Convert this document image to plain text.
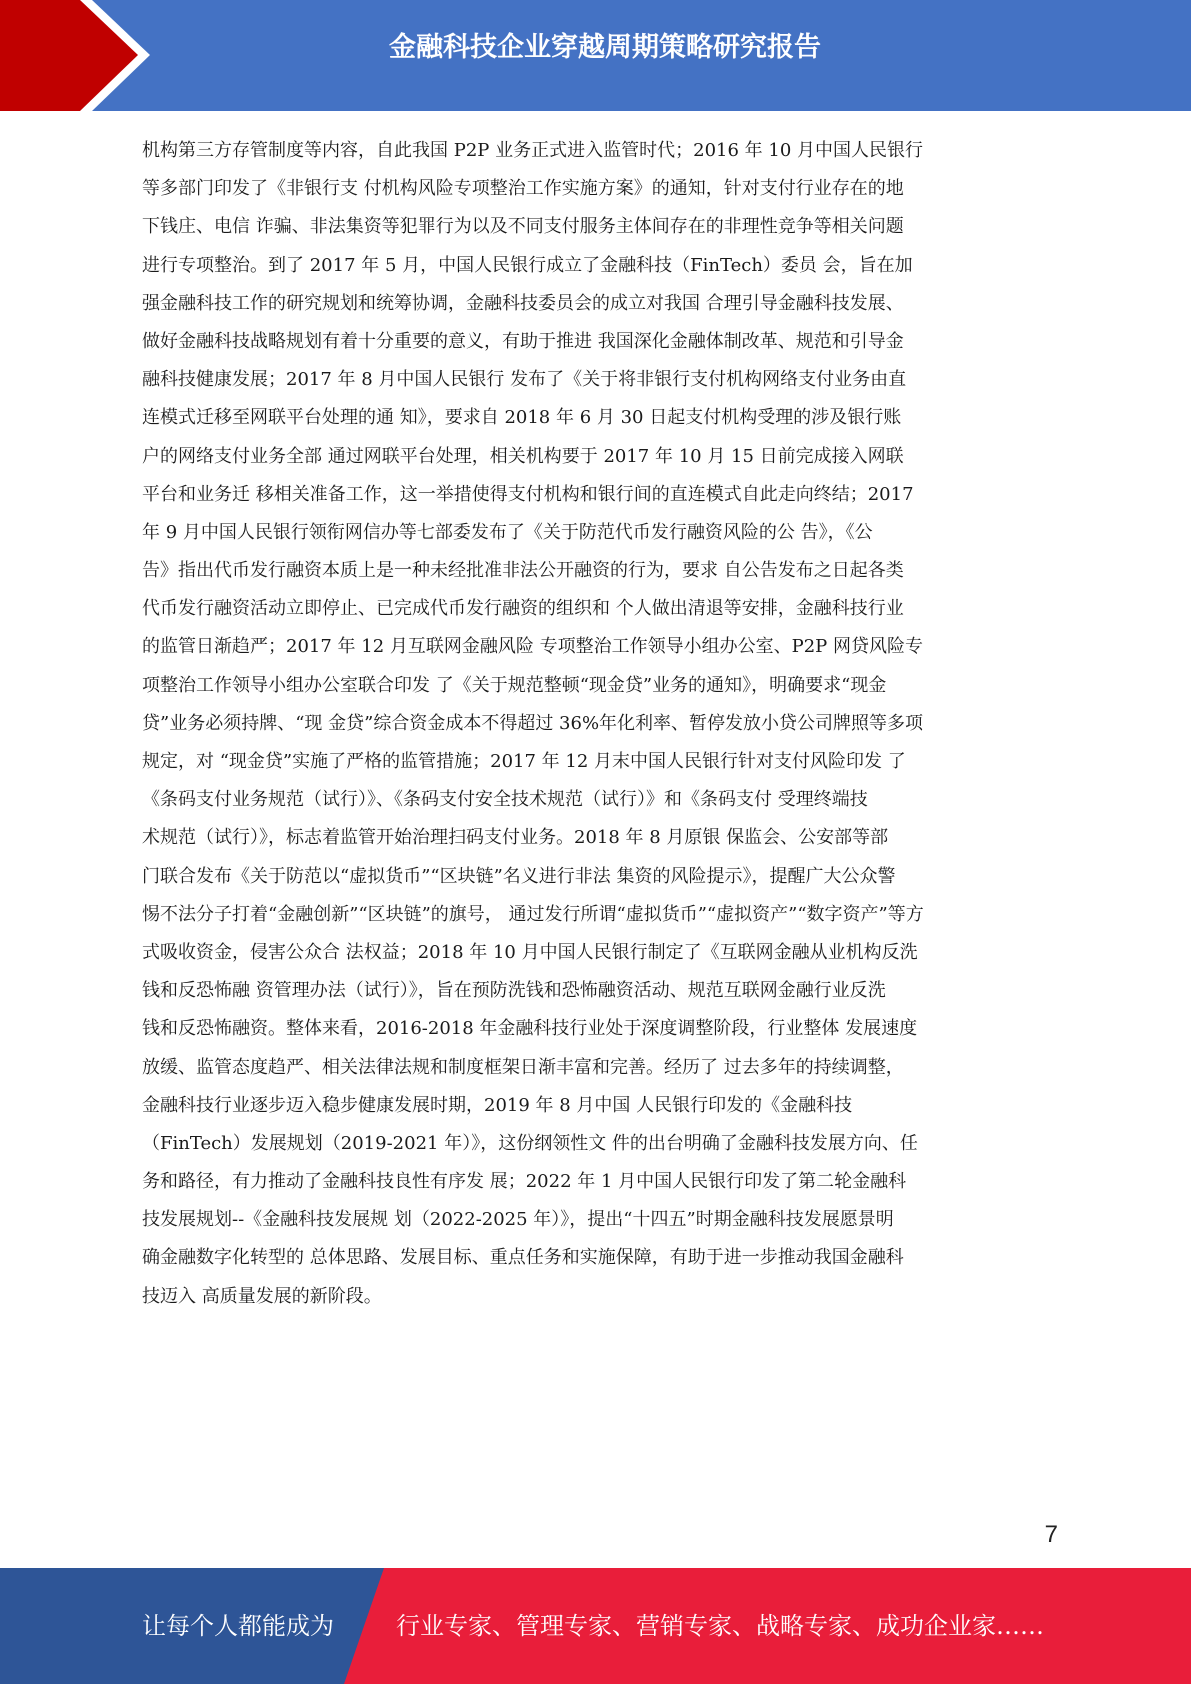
金融科技企业穿越周期策略研究报告
机构第三方存管制度等内容，自此我国 P2P 业务正式进入监管时代；2016 年 10 月中国人民银行
等多部门印发了《非银行支 付机构风险专项整治工作实施方案》的通知，针对支付行业存在的地
下钱庄、电信 诈骗、非法集资等犯罪行为以及不同支付服务主体间存在的非理性竞争等相关问题
进行专项整治。到了 2017 年 5 月，中国人民银行成立了金融科技（FinTech）委员 会，旨在加
强金融科技工作的研究规划和统筹协调，金融科技委员会的成立对我国 合理引导金融科技发展、
做好金融科技战略规划有着十分重要的意义，有助于推进 我国深化金融体制改革、规范和引导金
融科技健康发展；2017 年 8 月中国人民银行 发布了《关于将非银行支付机构网络支付业务由直
连模式迁移至网联平台处理的通 知》，要求自 2018 年 6 月 30 日起支付机构受理的涉及银行账
户的网络支付业务全部 通过网联平台处理，相关机构要于 2017 年 10 月 15 日前完成接入网联
平台和业务迁 移相关准备工作，这一举措使得支付机构和银行间的直连模式自此走向终结；2017
年 9 月中国人民银行领衔网信办等七部委发布了《关于防范代币发行融资风险的公 告》，《公
告》指出代币发行融资本质上是一种未经批准非法公开融资的行为，要求 自公告发布之日起各类
代币发行融资活动立即停止、已完成代币发行融资的组织和 个人做出清退等安排，金融科技行业
的监管日渐趋严；2017 年 12 月互联网金融风险 专项整治工作领导小组办公室、P2P 网贷风险专
项整治工作领导小组办公室联合印发 了《关于规范整顿“现金贷”业务的通知》，明确要求“现金
贷”业务必须持牌、“现 金贷”综合资金成本不得超过 36%年化利率、暂停发放小贷公司牌照等多项
规定，对 “现金贷”实施了严格的监管措施；2017 年 12 月末中国人民银行针对支付风险印发 了
《条码支付业务规范（试行）》、《条码支付安全技术规范（试行）》和《条码支付 受理终端技
术规范（试行）》，标志着监管开始治理扫码支付业务。2018 年 8 月原银 保监会、公安部等部
门联合发布《关于防范以“虚拟货币”“区块链”名义进行非法 集资的风险提示》，提醒广大公众警
惕不法分子打着“金融创新”“区块链”的旗号， 通过发行所谓“虚拟货币”“虚拟资产”“数字资产”等方
式吸收资金，侵害公众合 法权益；2018 年 10 月中国人民银行制定了《互联网金融从业机构反洗
钱和反恐怖融 资管理办法（试行）》，旨在预防洗钱和恐怖融资活动、规范互联网金融行业反洗
钱和反恐怖融资。整体来看，2016-2018 年金融科技行业处于深度调整阶段，行业整体 发展速度
放缓、监管态度趋严、相关法律法规和制度框架日渐丰富和完善。经历了 过去多年的持续调整，
金融科技行业逐步迈入稳步健康发展时期，2019 年 8 月中国 人民银行印发的《金融科技
（FinTech）发展规划（2019-2021 年）》，这份纲领性文 件的出台明确了金融科技发展方向、任
务和路径，有力推动了金融科技良性有序发 展；2022 年 1 月中国人民银行印发了第二轮金融科
技发展规划--《金融科技发展规 划（2022-2025 年）》，提出“十四五”时期金融科技发展愿景明
确金融数字化转型的 总体思路、发展目标、重点任务和实施保障，有助于进一步推动我国金融科
技迈入 高质量发展的新阶段。
7
让每个人都能成为	行业专家、管理专家、营销专家、战略专家、成功企业家……
